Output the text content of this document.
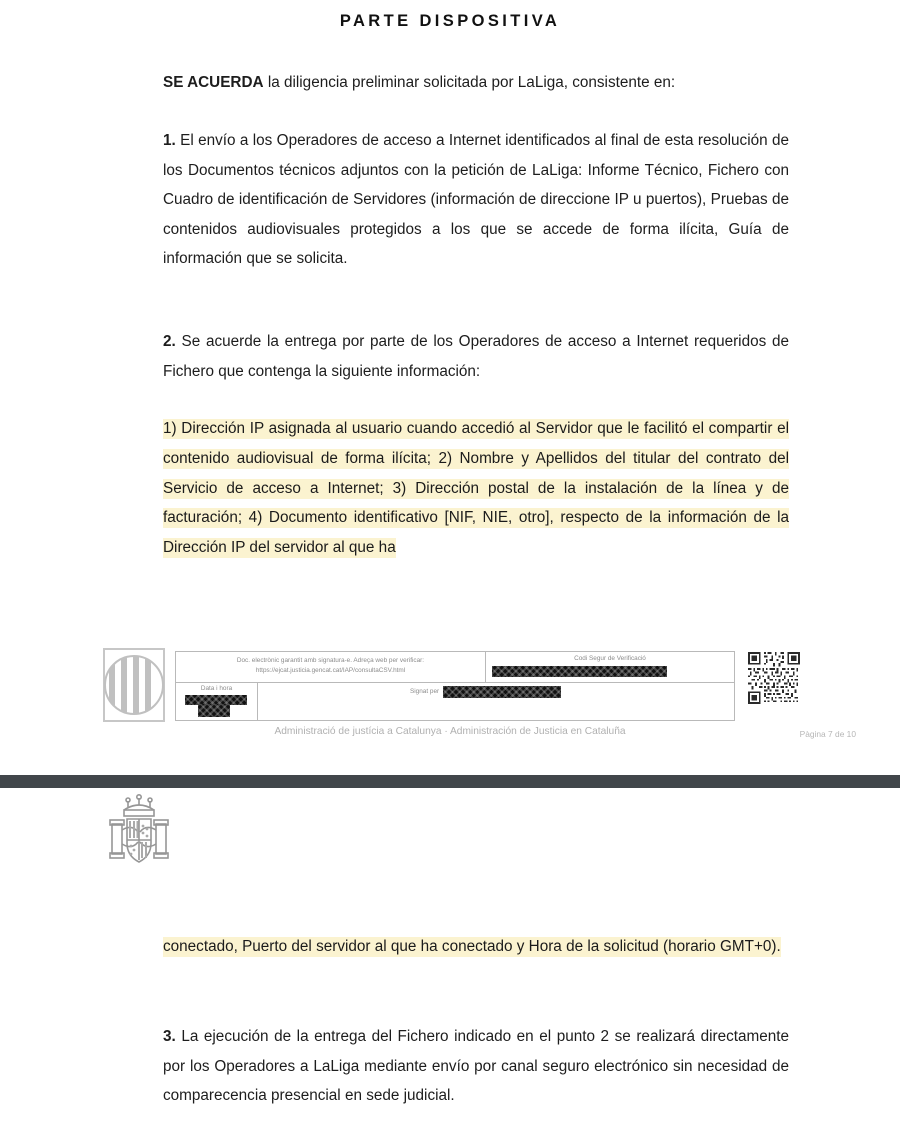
PARTE DISPOSITIVA

SE ACUERDA la diligencia preliminar solicitada por LaLiga, consistente en:

1. El envío a los Operadores de acceso a Internet identificados al final de esta resolución de los Documentos técnicos adjuntos con la petición de LaLiga: Informe Técnico, Fichero con Cuadro de identificación de Servidores (información de direccione IP u puertos), Pruebas de contenidos audiovisuales protegidos a los que se accede de forma ilícita, Guía de información que se solicita.

2. Se acuerde la entrega por parte de los Operadores de acceso a Internet requeridos de Fichero que contenga la siguiente información:

1) Dirección IP asignada al usuario cuando accedió al Servidor que le facilitó el compartir el contenido audiovisual de forma ilícita; 2) Nombre y Apellidos del titular del contrato del Servicio de acceso a Internet; 3) Dirección postal de la instalación de la línea y de facturación; 4) Documento identificativo [NIF, NIE, otro], respecto de la información de la Dirección IP del servidor al que ha

Doc. electrònic garantit amb signatura-e. Adreça web per verificar:
https://ejcat.justicia.gencat.cat/IAP/consultaCSV.html
Codi Segur de Verificació
Data i hora	Signat per
Administració de justícia a Catalunya · Administración de Justicia en Cataluña	Pàgina 7 de 10

conectado, Puerto del servidor al que ha conectado y Hora de la solicitud (horario GMT+0).

3. La ejecución de la entrega del Fichero indicado en el punto 2 se realizará directamente por los Operadores a LaLiga mediante envío por canal seguro electrónico sin necesidad de comparecencia presencial en sede judicial.
